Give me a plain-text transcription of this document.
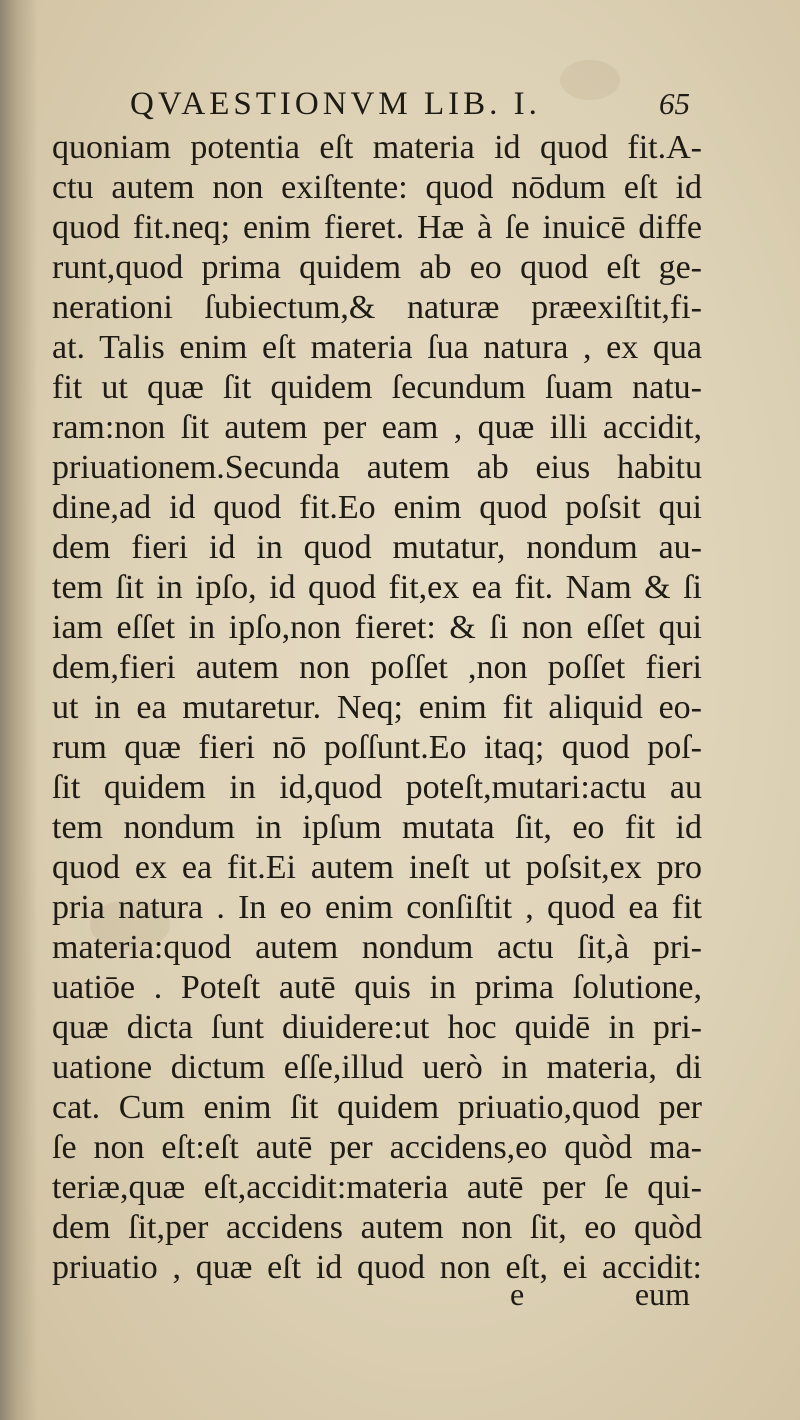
QVAESTIONVM LIB. I.	65
quoniam potentia eſt materia id quod fit.A-
ctu autem non exiſtente: quod nōdum eſt id
quod fit.neq; enim fieret. Hæ à ſe inuicē diffe
runt,quod prima quidem ab eo quod eſt ge-
nerationi ſubiectum,& naturæ præexiſtit,fi-
at. Talis enim eſt materia ſua natura , ex qua
fit ut quæ ſit quidem ſecundum ſuam natu-
ram:non ſit autem per eam , quæ illi accidit,
priuationem.Secunda autem ab eius habitu
dine,ad id quod fit.Eo enim quod poſsit qui
dem fieri id in quod mutatur, nondum au-
tem ſit in ipſo, id quod fit,ex ea fit. Nam & ſi
iam eſſet in ipſo,non fieret: & ſi non eſſet qui
dem,fieri autem non poſſet ,non poſſet fieri
ut in ea mutaretur. Neq; enim fit aliquid eo-
rum quæ fieri nō poſſunt.Eo itaq; quod poſ-
ſit quidem in id,quod poteſt,mutari:actu au
tem nondum in ipſum mutata ſit, eo fit id
quod ex ea fit.Ei autem ineſt ut poſsit,ex pro
pria natura . In eo enim conſiſtit , quod ea fit
materia:quod autem nondum actu ſit,à pri-
uatiōe . Poteſt autē quis in prima ſolutione,
quæ dicta ſunt diuidere:ut hoc quidē in pri-
uatione dictum eſſe,illud uerò in materia, di
cat. Cum enim ſit quidem priuatio,quod per
ſe non eſt:eſt autē per accidens,eo quòd ma-
teriæ,quæ eſt,accidit:materia autē per ſe qui-
dem ſit,per accidens autem non ſit, eo quòd
priuatio , quæ eſt id quod non eſt, ei accidit:
e	eum
